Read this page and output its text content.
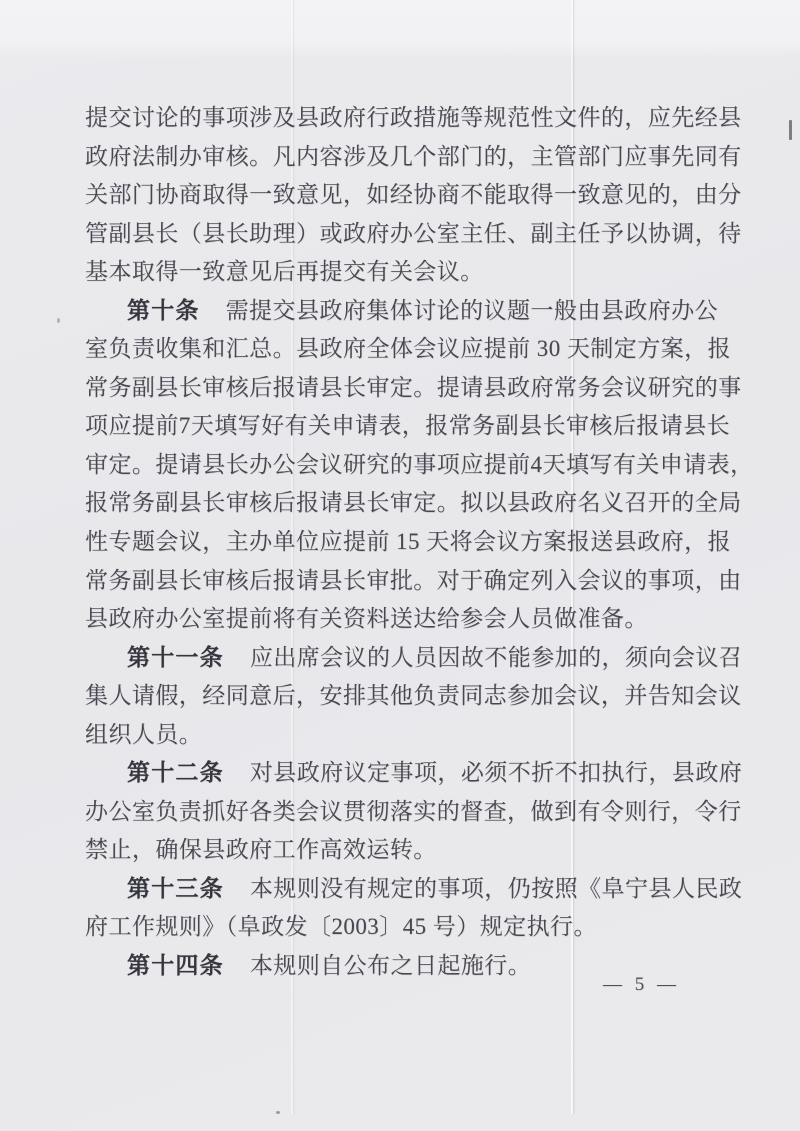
提交讨论的事项涉及县政府行政措施等规范性文件的，应先经县
政府法制办审核。凡内容涉及几个部门的，主管部门应事先同有
关部门协商取得一致意见，如经协商不能取得一致意见的，由分
管副县长（县长助理）或政府办公室主任、副主任予以协调，待
基本取得一致意见后再提交有关会议。
第十条 需提交县政府集体讨论的议题一般由县政府办公
室负责收集和汇总。县政府全体会议应提前 30 天制定方案，报
常务副县长审核后报请县长审定。提请县政府常务会议研究的事
项应提前7天填写好有关申请表，报常务副县长审核后报请县长
审定。提请县长办公会议研究的事项应提前4天填写有关申请表，
报常务副县长审核后报请县长审定。拟以县政府名义召开的全局
性专题会议，主办单位应提前 15 天将会议方案报送县政府，报
常务副县长审核后报请县长审批。对于确定列入会议的事项，由
县政府办公室提前将有关资料送达给参会人员做准备。
第十一条 应出席会议的人员因故不能参加的，须向会议召
集人请假，经同意后，安排其他负责同志参加会议，并告知会议
组织人员。
第十二条 对县政府议定事项，必须不折不扣执行，县政府
办公室负责抓好各类会议贯彻落实的督查，做到有令则行，令行
禁止，确保县政府工作高效运转。
第十三条 本规则没有规定的事项，仍按照《阜宁县人民政
府工作规则》（阜政发〔2003〕45 号）规定执行。
第十四条 本规则自公布之日起施行。
— 5 —
